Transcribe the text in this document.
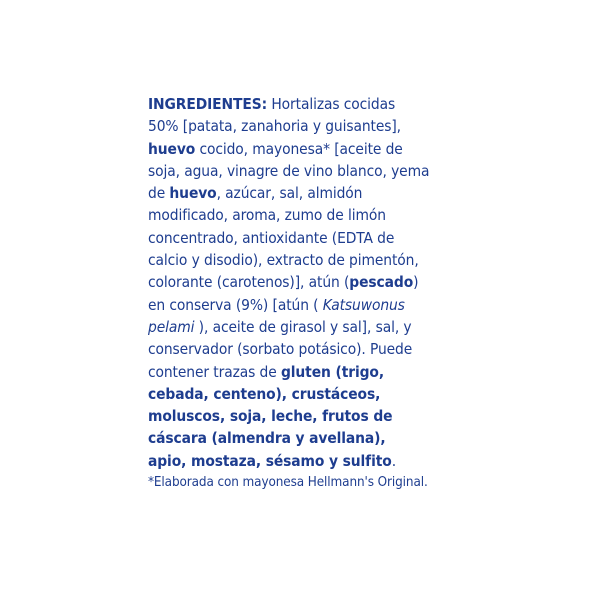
INGREDIENTES: Hortalizas cocidas
50% [patata, zanahoria y guisantes],
huevo cocido, mayonesa* [aceite de
soja, agua, vinagre de vino blanco, yema
de huevo, azúcar, sal, almidón
modificado, aroma, zumo de limón
concentrado, antioxidante (EDTA de
calcio y disodio), extracto de pimentón,
colorante (carotenos)], atún (pescado)
en conserva (9%) [atún ( Katsuwonus
pelami ), aceite de girasol y sal], sal, y
conservador (sorbato potásico). Puede
contener trazas de gluten (trigo,
cebada, centeno), crustáceos,
moluscos, soja, leche, frutos de
cáscara (almendra y avellana),
apio, mostaza, sésamo y sulfito.
*Elaborada con mayonesa Hellmann's Original.
